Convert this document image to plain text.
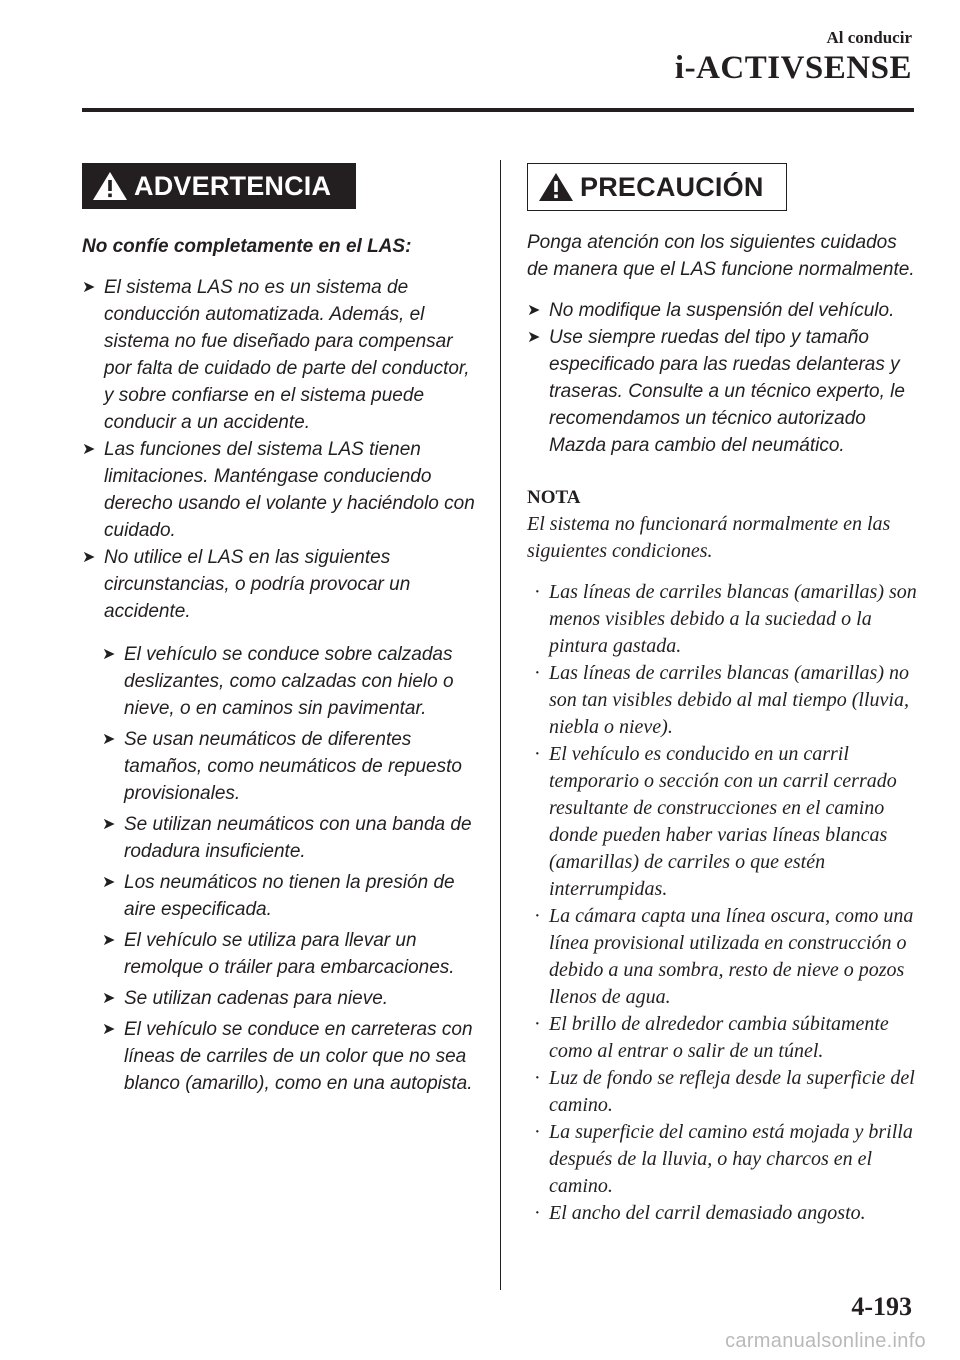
Al conducir
i-ACTIVSENSE
ADVERTENCIA
No confíe completamente en el LAS:
➤ El sistema LAS no es un sistema de conducción automatizada. Además, el sistema no fue diseñado para compensar por falta de cuidado de parte del conductor, y sobre confiarse en el sistema puede conducir a un accidente.
➤ Las funciones del sistema LAS tienen limitaciones. Manténgase conduciendo derecho usando el volante y haciéndolo con cuidado.
➤ No utilice el LAS en las siguientes circunstancias, o podría provocar un accidente.
➤ El vehículo se conduce sobre calzadas deslizantes, como calzadas con hielo o nieve, o en caminos sin pavimentar.
➤ Se usan neumáticos de diferentes tamaños, como neumáticos de repuesto provisionales.
➤ Se utilizan neumáticos con una banda de rodadura insuficiente.
➤ Los neumáticos no tienen la presión de aire especificada.
➤ El vehículo se utiliza para llevar un remolque o tráiler para embarcaciones.
➤ Se utilizan cadenas para nieve.
➤ El vehículo se conduce en carreteras con líneas de carriles de un color que no sea blanco (amarillo), como en una autopista.
PRECAUCIÓN
Ponga atención con los siguientes cuidados de manera que el LAS funcione normalmente.
➤ No modifique la suspensión del vehículo.
➤ Use siempre ruedas del tipo y tamaño especificado para las ruedas delanteras y traseras. Consulte a un técnico experto, le recomendamos un técnico autorizado Mazda para cambio del neumático.
NOTA
El sistema no funcionará normalmente en las siguientes condiciones.
· Las líneas de carriles blancas (amarillas) son menos visibles debido a la suciedad o la pintura gastada.
· Las líneas de carriles blancas (amarillas) no son tan visibles debido al mal tiempo (lluvia, niebla o nieve).
· El vehículo es conducido en un carril temporario o sección con un carril cerrado resultante de construcciones en el camino donde pueden haber varias líneas blancas (amarillas) de carriles o que estén interrumpidas.
· La cámara capta una línea oscura, como una línea provisional utilizada en construcción o debido a una sombra, resto de nieve o pozos llenos de agua.
· El brillo de alrededor cambia súbitamente como al entrar o salir de un túnel.
· Luz de fondo se refleja desde la superficie del camino.
· La superficie del camino está mojada y brilla después de la lluvia, o hay charcos en el camino.
· El ancho del carril demasiado angosto.
4-193
carmanualsonline.info
